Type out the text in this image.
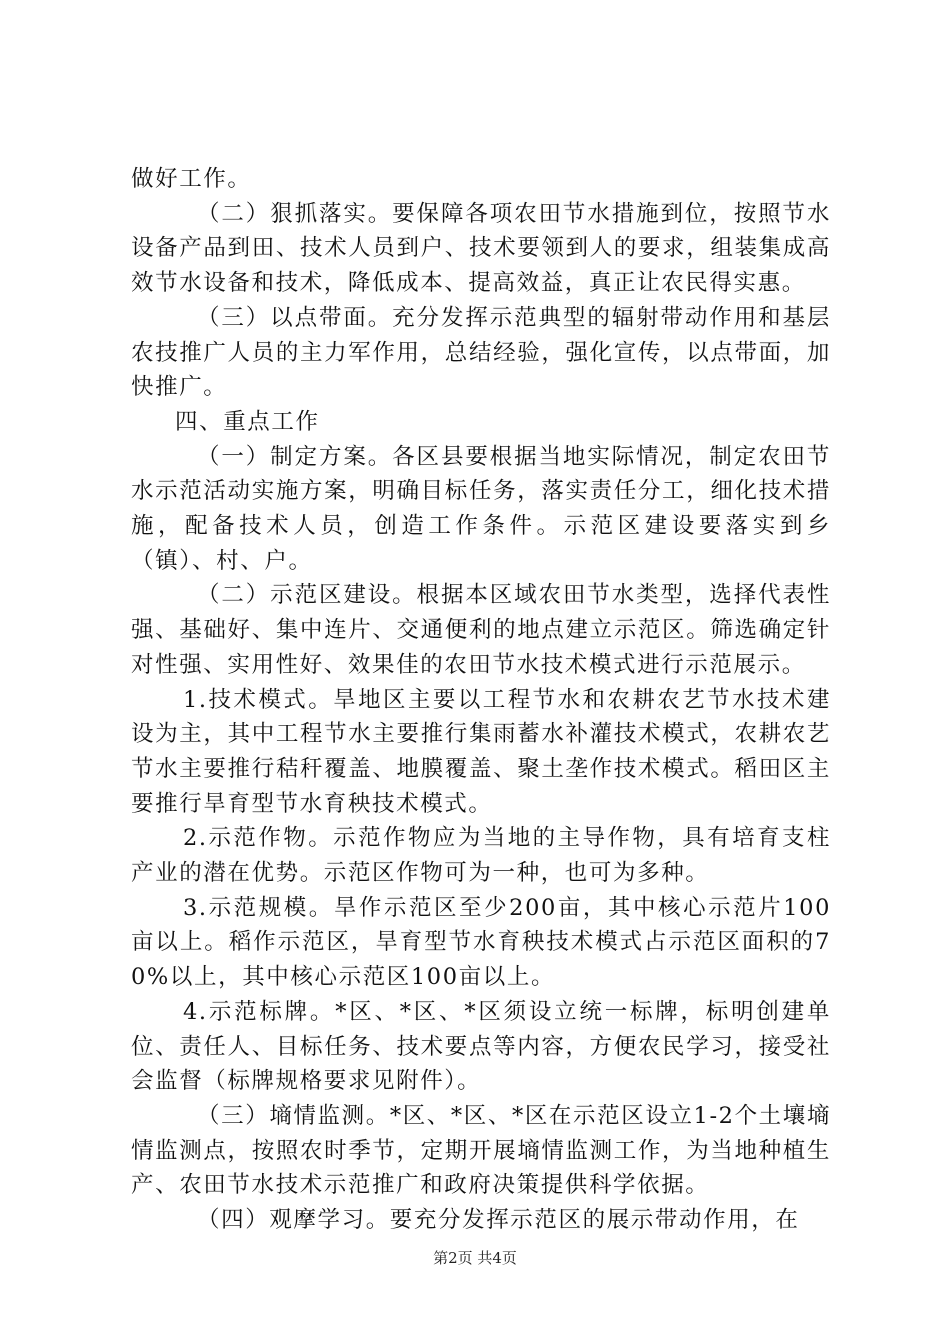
做好工作。

（二）狠抓落实。要保障各项农田节水措施到位，按照节水设备产品到田、技术人员到户、技术要领到人的要求，组装集成高效节水设备和技术，降低成本、提高效益，真正让农民得实惠。

（三）以点带面。充分发挥示范典型的辐射带动作用和基层农技推广人员的主力军作用，总结经验，强化宣传，以点带面，加快推广。

四、重点工作

（一）制定方案。各区县要根据当地实际情况，制定农田节水示范活动实施方案，明确目标任务，落实责任分工，细化技术措施，配备技术人员，创造工作条件。示范区建设要落实到乡（镇）、村、户。

（二）示范区建设。根据本区域农田节水类型，选择代表性强、基础好、集中连片、交通便利的地点建立示范区。筛选确定针对性强、实用性好、效果佳的农田节水技术模式进行示范展示。

1.技术模式。旱地区主要以工程节水和农耕农艺节水技术建设为主，其中工程节水主要推行集雨蓄水补灌技术模式，农耕农艺节水主要推行秸秆覆盖、地膜覆盖、聚土垄作技术模式。稻田区主要推行旱育型节水育秧技术模式。

2.示范作物。示范作物应为当地的主导作物，具有培育支柱产业的潜在优势。示范区作物可为一种，也可为多种。

3.示范规模。旱作示范区至少200亩，其中核心示范片100亩以上。稻作示范区，旱育型节水育秧技术模式占示范区面积的70%以上，其中核心示范区100亩以上。

4.示范标牌。*区、*区、*区须设立统一标牌，标明创建单位、责任人、目标任务、技术要点等内容，方便农民学习，接受社会监督（标牌规格要求见附件）。

（三）墒情监测。*区、*区、*区在示范区设立1-2个土壤墒情监测点，按照农时季节，定期开展墒情监测工作，为当地种植生产、农田节水技术示范推广和政府决策提供科学依据。

（四）观摩学习。要充分发挥示范区的展示带动作用，在

第2页 共4页
